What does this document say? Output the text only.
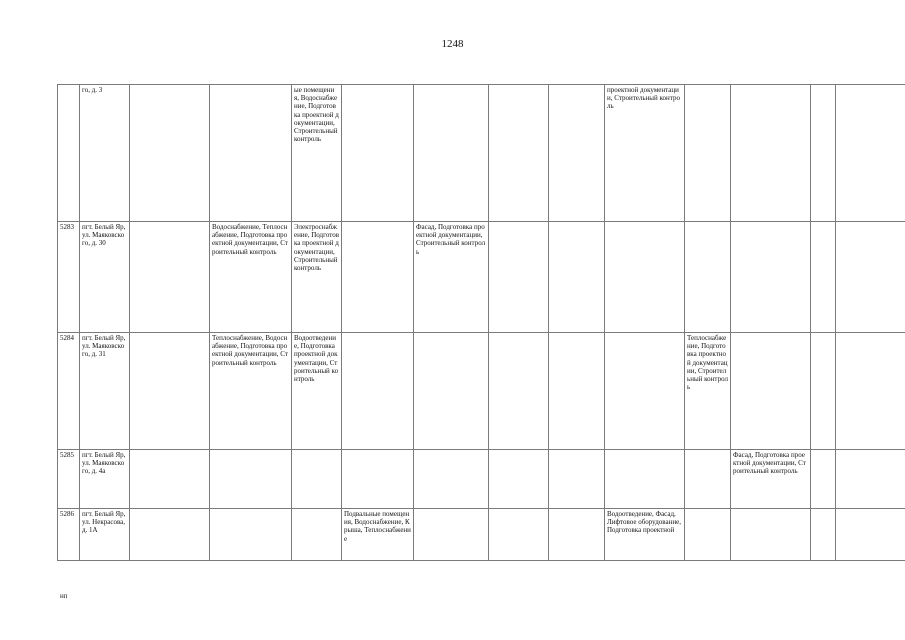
1248
	го, д. 3			ые помещения, Водоснабжение, Подготовка проектной документации, Строительный контроль					проектной документации, Строительный контроль				
5283	пгт. Белый Яр, ул. Маяковского, д. 30		Водоснабжение, Теплоснабжение, Подготовка проектной документации, Строительный контроль	Электроснабжение, Подготовка проектной документации, Строительный контроль		Фасад, Подготовка проектной документации, Строительный контроль							
5284	пгт. Белый Яр, ул. Маяковского, д. 31		Теплоснабжение, Водоснабжение, Подготовка проектной документации, Строительный контроль	Водоотведение, Подготовка проектной документации, Строительный контроль						Теплоснабжение, Подготовка проектной документации, Строительный контроль			
5285	пгт. Белый Яр, ул. Маяковского, д. 4а										Фасад, Подготовка проектной документации, Строительный контроль		
5286	пгт. Белый Яр, ул. Некрасова, д. 1А				Подвальные помещения, Водоснабжение, Крыша, Теплоснабжение				Водоотведение, Фасад, Лифтовое оборудование, Подготовка проектной				
нп
